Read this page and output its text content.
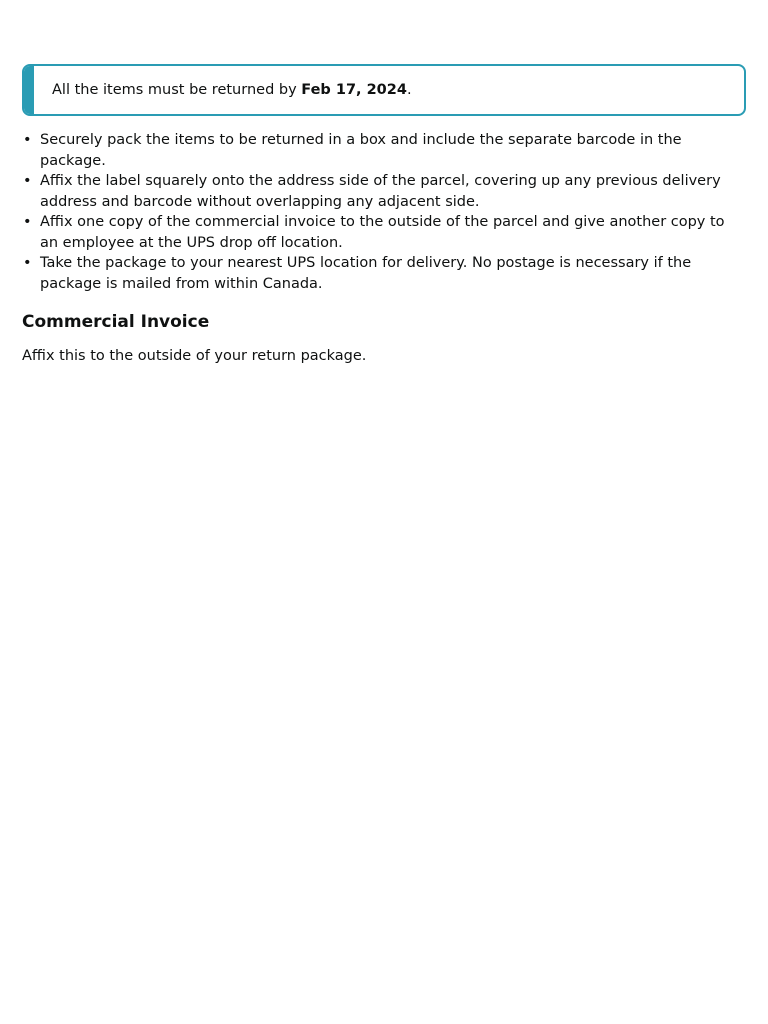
All the items must be returned by Feb 17, 2024.
• Securely pack the items to be returned in a box and include the separate barcode in the package.
• Affix the label squarely onto the address side of the parcel, covering up any previous delivery address and barcode without overlapping any adjacent side.
• Affix one copy of the commercial invoice to the outside of the parcel and give another copy to an employee at the UPS drop off location.
• Take the package to your nearest UPS location for delivery. No postage is necessary if the package is mailed from within Canada.
Commercial Invoice

Affix this to the outside of your return package.
